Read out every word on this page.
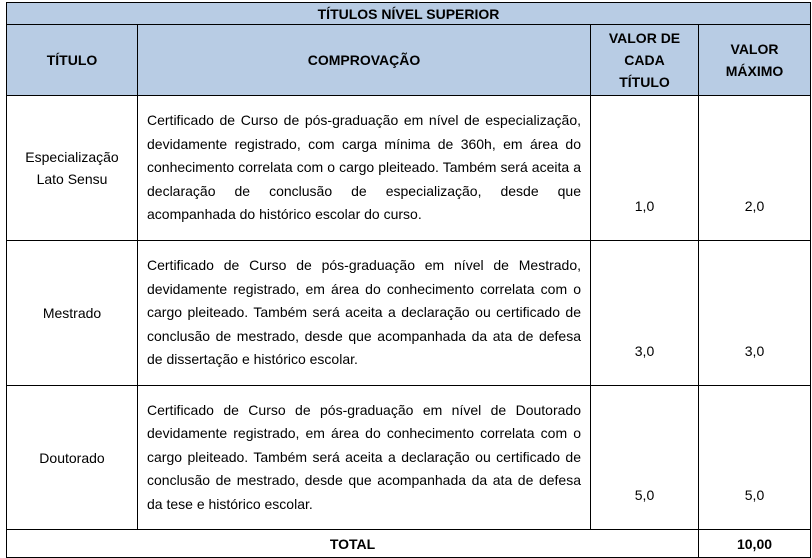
TÍTULOS NÍVEL SUPERIOR			
TÍTULO	COMPROVAÇÃO	VALOR DE CADA TÍTULO	VALOR MÁXIMO
Especialização Lato Sensu	Certificado de Curso de pós-graduação em nível de especialização, devidamente registrado, com carga mínima de 360h, em área do conhecimento correlata com o cargo pleiteado. Também será aceita a declaração de conclusão de especialização, desde que acompanhada do histórico escolar do curso.	1,0	2,0
Mestrado	Certificado de Curso de pós-graduação em nível de Mestrado, devidamente registrado, em área do conhecimento correlata com o cargo pleiteado. Também será aceita a declaração ou certificado de conclusão de mestrado, desde que acompanhada da ata de defesa de dissertação e histórico escolar.	3,0	3,0
Doutorado	Certificado de Curso de pós-graduação em nível de Doutorado devidamente registrado, em área do conhecimento correlata com o cargo pleiteado. Também será aceita a declaração ou certificado de conclusão de mestrado, desde que acompanhada da ata de defesa da tese e histórico escolar.	5,0	5,0
TOTAL			10,00
